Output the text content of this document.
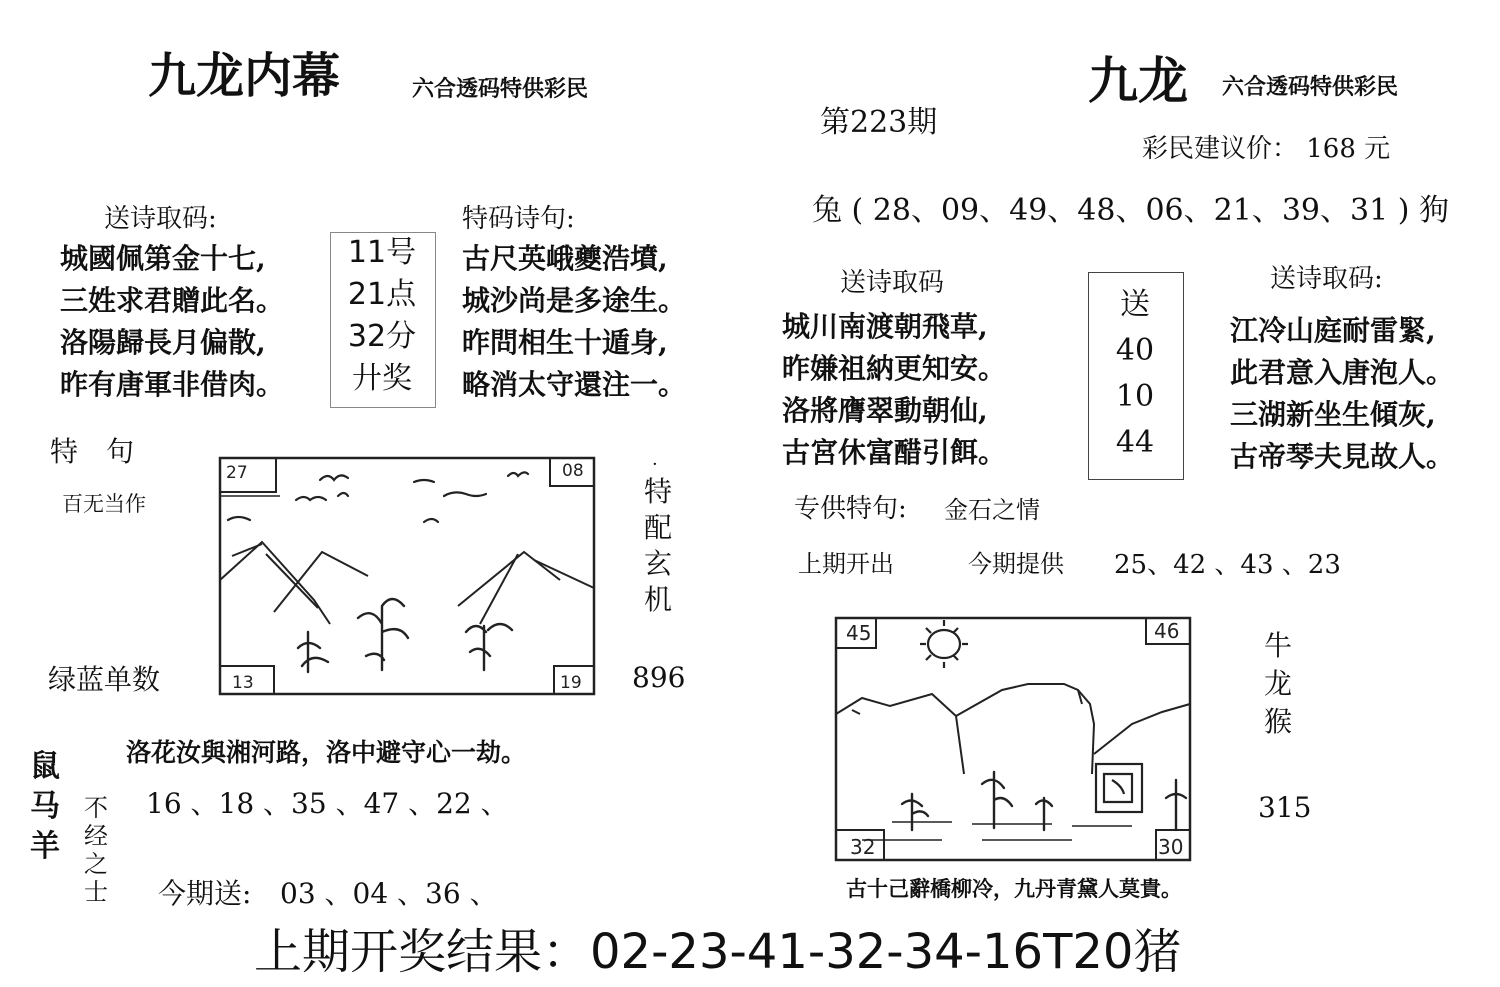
九龙内幕	六合透码特供彩民
送诗取码:
城國佩第金十七,
三姓求君贈此名。
洛陽歸長月偏散,
昨有唐軍非借肉。
11号
21点
32分
廾奖
特码诗句:
古尺英峨夔浩墳,
城沙尚是多途生。
昨問相生十遁身,
略消太守還注一。
特　句
百无当作
27	08
13	19
·
特
配
玄
机
绿蓝单数	896
洛花汝與湘河路，洛中避守心一劫。
鼠
马
羊
不
经
之
士
16 、18 、35 、47 、22 、
今期送: 03 、04 、36 、
九龙 六合透码特供彩民
第223期
彩民建议价： 168 元
兔 ( 28、09、49、48、06、21、39、31 ) 狗
送诗取码
城川南渡朝飛草,
昨嫌祖納更知安。
洛將膺翠動朝仙,
古宮休富醋引餌。
送
40
10
44
送诗取码:
江冷山庭耐雷緊,
此君意入唐泡人。
三湖新坐生傾灰,
古帝琴夫見故人。
专供特句: 金石之情
上期开出	今期提供 25、42 、43 、23
45	46
32	30
牛
龙
猴
315
古十己辭橋柳冷，九丹青黛人莫貴。
上期开奖结果：02-23-41-32-34-16T20猪
